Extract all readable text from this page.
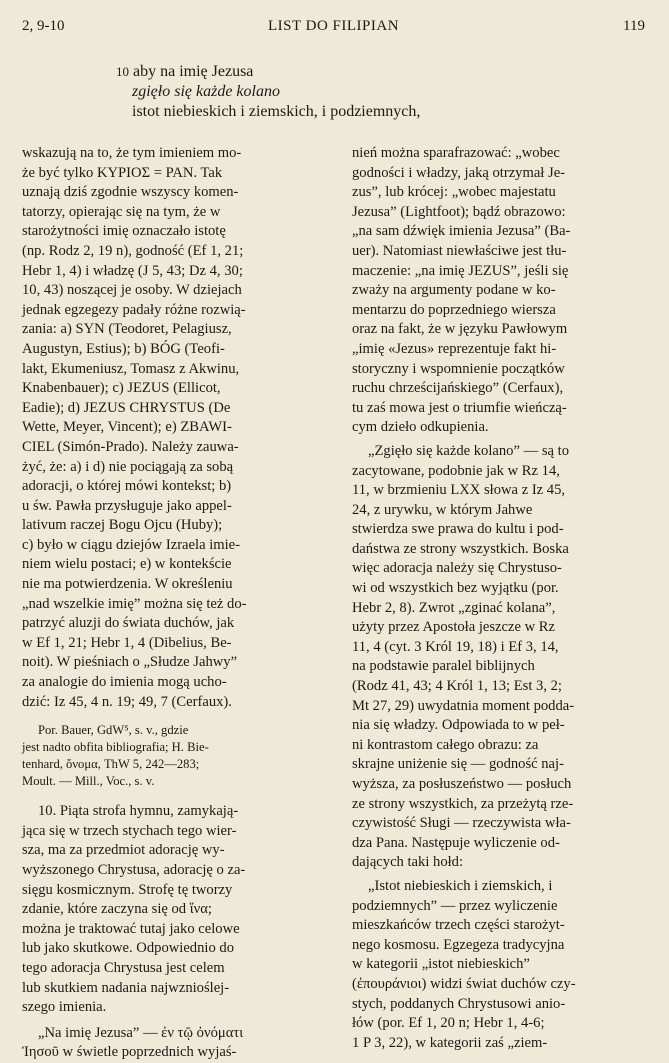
2, 9-10	LIST DO FILIPIAN	119
10 aby na imię Jezusa
zgięło się każde kolano
istot niebieskich i ziemskich, i podziemnych,

wskazują na to, że tym imieniem mo-
że być tylko ΚΥΡΙΟΣ = PAN. Tak
uznają dziś zgodnie wszyscy komen-
tatorzy, opierając się na tym, że w
starożytności imię oznaczało istotę
(np. Rodz 2, 19 n), godność (Ef 1, 21;
Hebr 1, 4) i władzę (J 5, 43; Dz 4, 30;
10, 43) noszącej je osoby. W dziejach
jednak egzegezy padały różne rozwią-
zania: a) SYN (Teodoret, Pelagiusz,
Augustyn, Estius); b) BÓG (Teofi-
lakt, Ekumeniusz, Tomasz z Akwinu,
Knabenbauer); c) JEZUS (Ellicot,
Eadie); d) JEZUS CHRYSTUS (De
Wette, Meyer, Vincent); e) ZBAWI-
CIEL (Simón-Prado). Należy zauwa-
żyć, że: a) i d) nie pociągają za sobą
adoracji, o której mówi kontekst; b)
u św. Pawła przysługuje jako appel-
lativum raczej Bogu Ojcu (Huby);
c) było w ciągu dziejów Izraela imie-
niem wielu postaci; e) w kontekście
nie ma potwierdzenia. W określeniu
„nad wszelkie imię” można się też do-
patrzyć aluzji do świata duchów, jak
w Ef 1, 21; Hebr 1, 4 (Dibelius, Be-
noit). W pieśniach o „Słudze Jahwy”
za analogie do imienia mogą ucho-
dzić: Iz 45, 4 n. 19; 49, 7 (Cerfaux).

Por. Bauer, GdW⁵, s. v., gdzie
jest nadto obfita bibliografia; H. Bie-
tenhard, ὄνομα, ThW 5, 242—283;
Moult. — Mill., Voc., s. v.

10. Piąta strofa hymnu, zamykają-
jąca się w trzech stychach tego wier-
sza, ma za przedmiot adorację wy-
wyższonego Chrystusa, adorację o za-
sięgu kosmicznym. Strofę tę tworzy
zdanie, które zaczyna się od ἵνα;
można je traktować tutaj jako celowe
lub jako skutkowe. Odpowiednio do
tego adoracja Chrystusa jest celem
lub skutkiem nadania najwznioślej-
szego imienia.

„Na imię Jezusa” — ἐν τῷ ὀνόματι
Ἰησοῦ w świetle poprzednich wyjaś-

nień można sparafrazować: „wobec
godności i władzy, jaką otrzymał Je-
zus”, lub krócej: „wobec majestatu
Jezusa” (Lightfoot); bądź obrazowo:
„na sam dźwięk imienia Jezusa” (Ba-
uer). Natomiast niewłaściwe jest tłu-
maczenie: „na imię JEZUS”, jeśli się
zważy na argumenty podane w ko-
mentarzu do poprzedniego wiersza
oraz na fakt, że w języku Pawłowym
„imię «Jezus» reprezentuje fakt hi-
storyczny i wspomnienie początków
ruchu chrześcijańskiego” (Cerfaux),
tu zaś mowa jest o triumfie wieńczą-
cym dzieło odkupienia.

„Zgięło się każde kolano” — są to
zacytowane, podobnie jak w Rz 14,
11, w brzmieniu LXX słowa z Iz 45,
24, z urywku, w którym Jahwe
stwierdza swe prawa do kultu i pod-
daństwa ze strony wszystkich. Boska
więc adoracja należy się Chrystuso-
wi od wszystkich bez wyjątku (por.
Hebr 2, 8). Zwrot „zginać kolana”,
użyty przez Apostoła jeszcze w Rz
11, 4 (cyt. 3 Król 19, 18) i Ef 3, 14,
na podstawie paralel biblijnych
(Rodz 41, 43; 4 Król 1, 13; Est 3, 2;
Mt 27, 29) uwydatnia moment podda-
nia się władzy. Odpowiada to w peł-
ni kontrastom całego obrazu: za
skrajne uniżenie się — godność naj-
wyższa, za posłuszeństwo — posłuch
ze strony wszystkich, za przeżytą rze-
czywistość Sługi — rzeczywista wła-
dza Pana. Następuje wyliczenie od-
dających taki hołd:

„Istot niebieskich i ziemskich, i
podziemnych” — przez wyliczenie
mieszkańców trzech części starożyt-
nego kosmosu. Egzegeza tradycyjna
w kategorii „istot niebieskich”
(ἐπουράνιοι) widzi świat duchów czy-
stych, poddanych Chrystusowi anio-
łów (por. Ef 1, 20 n; Hebr 1, 4-6;
1 P 3, 22), w kategorii zaś „ziem-
